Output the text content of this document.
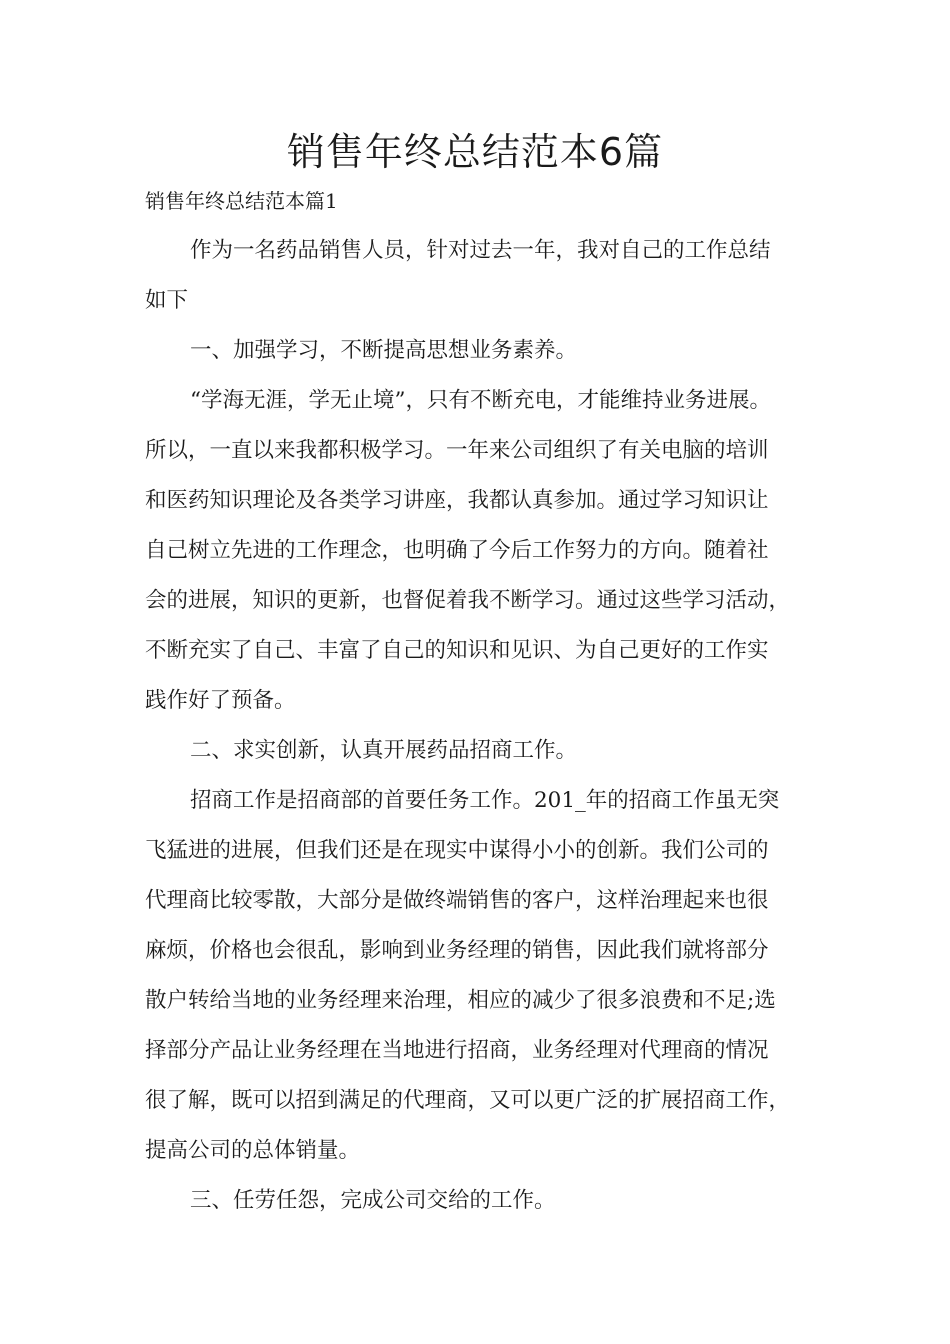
销售年终总结范本6篇

销售年终总结范本篇1

作为一名药品销售人员，针对过去一年，我对自己的工作总结

如下

一、加强学习，不断提高思想业务素养。

“学海无涯，学无止境”，只有不断充电，才能维持业务进展。

所以，一直以来我都积极学习。一年来公司组织了有关电脑的培训

和医药知识理论及各类学习讲座，我都认真参加。通过学习知识让

自己树立先进的工作理念，也明确了今后工作努力的方向。随着社

会的进展，知识的更新，也督促着我不断学习。通过这些学习活动，

不断充实了自己、丰富了自己的知识和见识、为自己更好的工作实

践作好了预备。

二、求实创新，认真开展药品招商工作。

招商工作是招商部的首要任务工作。201_年的招商工作虽无突

飞猛进的进展，但我们还是在现实中谋得小小的创新。我们公司的

代理商比较零散，大部分是做终端销售的客户，这样治理起来也很

麻烦，价格也会很乱，影响到业务经理的销售，因此我们就将部分

散户转给当地的业务经理来治理，相应的减少了很多浪费和不足;选

择部分产品让业务经理在当地进行招商，业务经理对代理商的情况

很了解，既可以招到满足的代理商，又可以更广泛的扩展招商工作，

提高公司的总体销量。

三、任劳任怨，完成公司交给的工作。
